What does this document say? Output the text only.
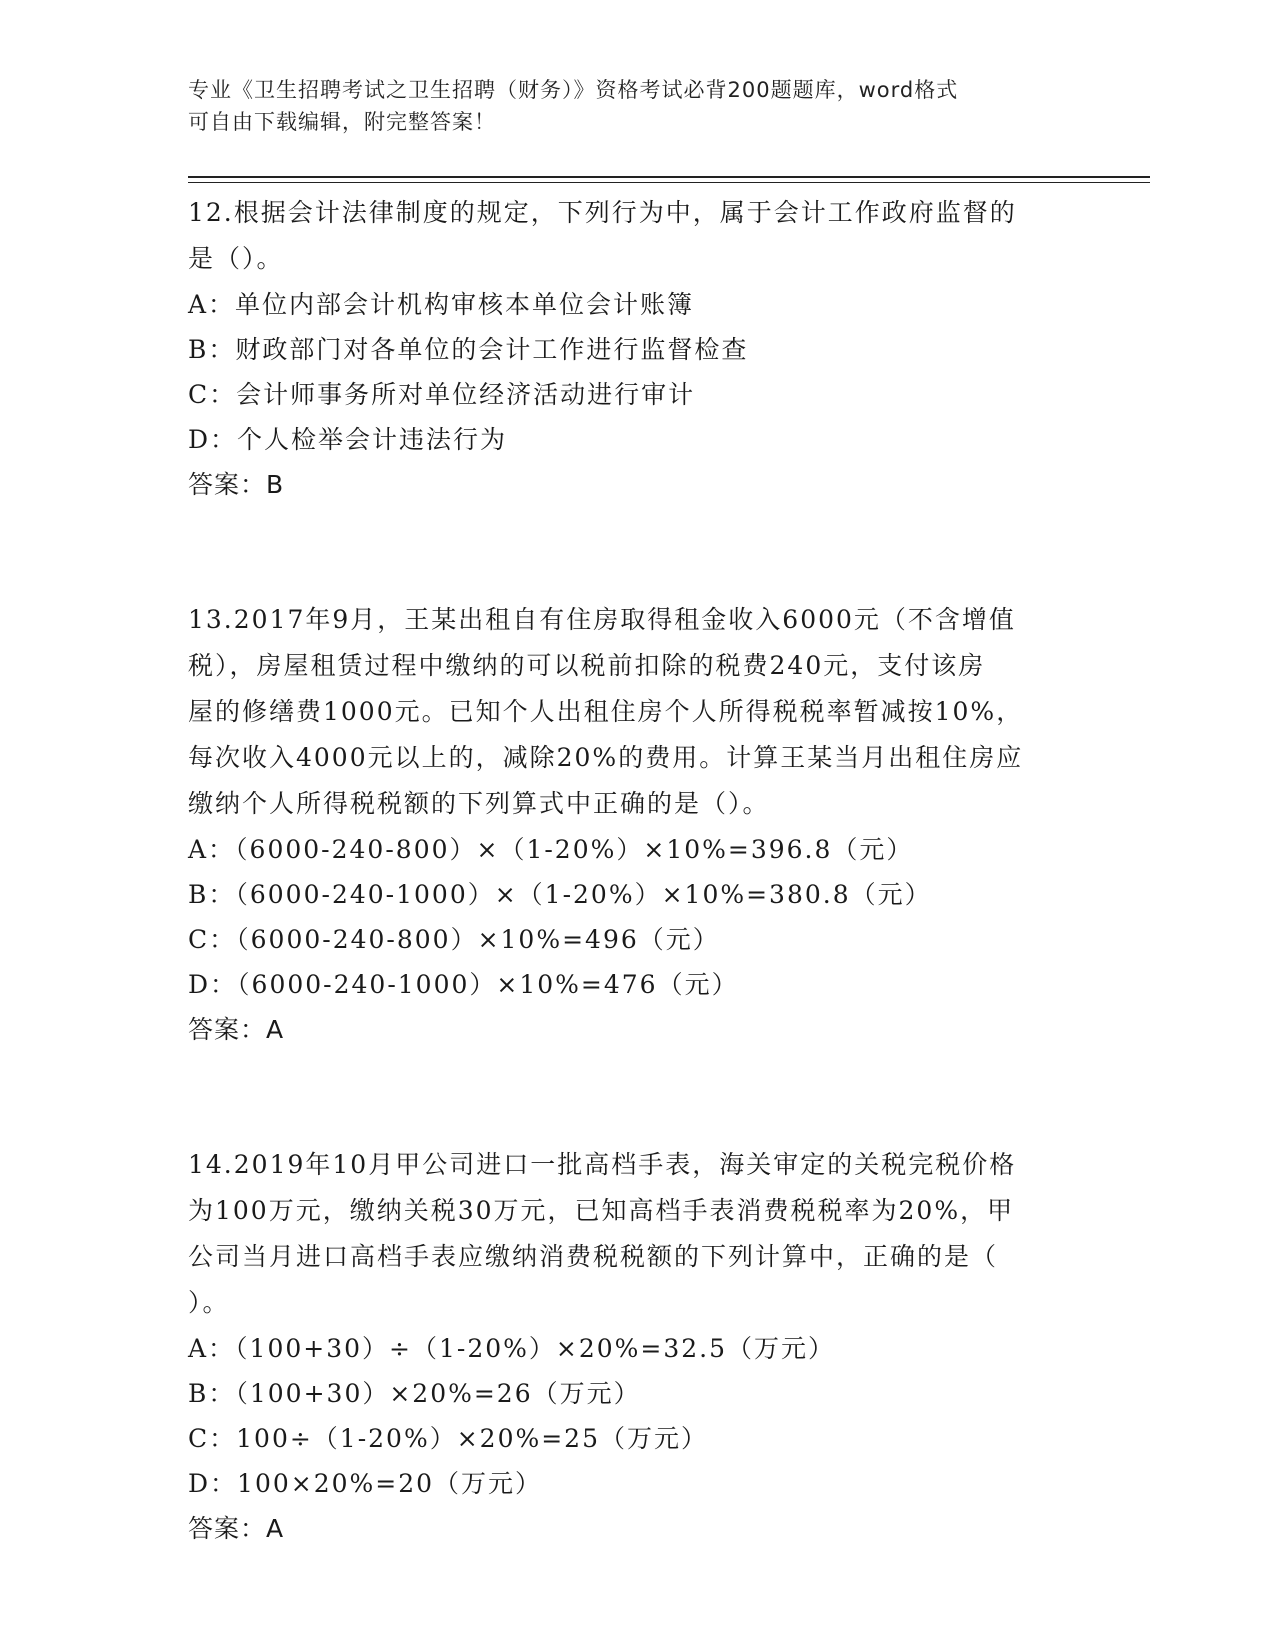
专业《卫生招聘考试之卫生招聘（财务）》资格考试必背200题题库，word格式
可自由下载编辑，附完整答案！
12.根据会计法律制度的规定，下列行为中，属于会计工作政府监督的
是（）。
A：单位内部会计机构审核本单位会计账簿
B：财政部门对各单位的会计工作进行监督检查
C：会计师事务所对单位经济活动进行审计
D：个人检举会计违法行为
答案：B
13.2017年9月，王某出租自有住房取得租金收入6000元（不含增值
税），房屋租赁过程中缴纳的可以税前扣除的税费240元，支付该房
屋的修缮费1000元。已知个人出租住房个人所得税税率暂减按10%，
每次收入4000元以上的，减除20%的费用。计算王某当月出租住房应
缴纳个人所得税税额的下列算式中正确的是（）。
A：（6000-240-800）×（1-20%）×10%=396.8（元）
B：（6000-240-1000）×（1-20%）×10%=380.8（元）
C：（6000-240-800）×10%=496（元）
D：（6000-240-1000）×10%=476（元）
答案：A
14.2019年10月甲公司进口一批高档手表，海关审定的关税完税价格
为100万元，缴纳关税30万元，已知高档手表消费税税率为20%，甲
公司当月进口高档手表应缴纳消费税税额的下列计算中，正确的是（
）。
A：（100+30）÷（1-20%）×20%=32.5（万元）
B：（100+30）×20%=26（万元）
C：100÷（1-20%）×20%=25（万元）
D：100×20%=20（万元）
答案：A
